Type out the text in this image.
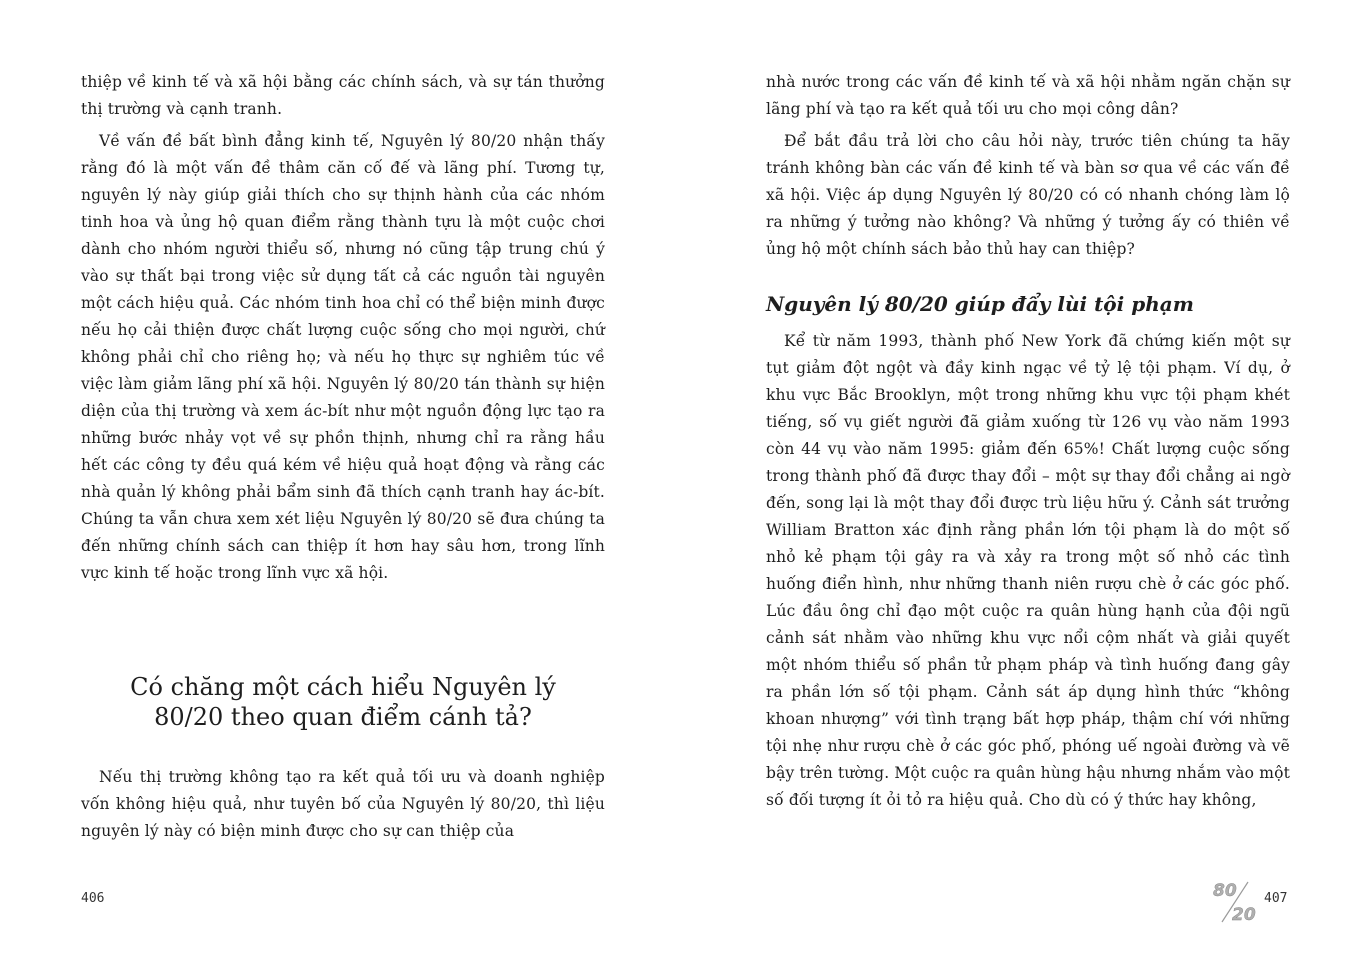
thiệp về kinh tế và xã hội bằng các chính sách, và sự tán thưởng thị trường và cạnh tranh.

Về vấn đề bất bình đẳng kinh tế, Nguyên lý 80/20 nhận thấy rằng đó là một vấn đề thâm căn cố đế và lãng phí. Tương tự, nguyên lý này giúp giải thích cho sự thịnh hành của các nhóm tinh hoa và ủng hộ quan điểm rằng thành tựu là một cuộc chơi dành cho nhóm người thiểu số, nhưng nó cũng tập trung chú ý vào sự thất bại trong việc sử dụng tất cả các nguồn tài nguyên một cách hiệu quả. Các nhóm tinh hoa chỉ có thể biện minh được nếu họ cải thiện được chất lượng cuộc sống cho mọi người, chứ không phải chỉ cho riêng họ; và nếu họ thực sự nghiêm túc về việc làm giảm lãng phí xã hội. Nguyên lý 80/20 tán thành sự hiện diện của thị trường và xem ác-bít như một nguồn động lực tạo ra những bước nhảy vọt về sự phồn thịnh, nhưng chỉ ra rằng hầu hết các công ty đều quá kém về hiệu quả hoạt động và rằng các nhà quản lý không phải bẩm sinh đã thích cạnh tranh hay ác-bít. Chúng ta vẫn chưa xem xét liệu Nguyên lý 80/20 sẽ đưa chúng ta đến những chính sách can thiệp ít hơn hay sâu hơn, trong lĩnh vực kinh tế hoặc trong lĩnh vực xã hội.

Có chăng một cách hiểu Nguyên lý
80/20 theo quan điểm cánh tả?

Nếu thị trường không tạo ra kết quả tối ưu và doanh nghiệp vốn không hiệu quả, như tuyên bố của Nguyên lý 80/20, thì liệu nguyên lý này có biện minh được cho sự can thiệp của

406

nhà nước trong các vấn đề kinh tế và xã hội nhằm ngăn chặn sự lãng phí và tạo ra kết quả tối ưu cho mọi công dân?

Để bắt đầu trả lời cho câu hỏi này, trước tiên chúng ta hãy tránh không bàn các vấn đề kinh tế và bàn sơ qua về các vấn đề xã hội. Việc áp dụng Nguyên lý 80/20 có có nhanh chóng làm lộ ra những ý tưởng nào không? Và những ý tưởng ấy có thiên về ủng hộ một chính sách bảo thủ hay can thiệp?

Nguyên lý 80/20 giúp đẩy lùi tội phạm

Kể từ năm 1993, thành phố New York đã chứng kiến một sự tụt giảm đột ngột và đầy kinh ngạc về tỷ lệ tội phạm. Ví dụ, ở khu vực Bắc Brooklyn, một trong những khu vực tội phạm khét tiếng, số vụ giết người đã giảm xuống từ 126 vụ vào năm 1993 còn 44 vụ vào năm 1995: giảm đến 65%! Chất lượng cuộc sống trong thành phố đã được thay đổi – một sự thay đổi chẳng ai ngờ đến, song lại là một thay đổi được trù liệu hữu ý. Cảnh sát trưởng William Bratton xác định rằng phần lớn tội phạm là do một số nhỏ kẻ phạm tội gây ra và xảy ra trong một số nhỏ các tình huống điển hình, như những thanh niên rượu chè ở các góc phố. Lúc đầu ông chỉ đạo một cuộc ra quân hùng hạnh của đội ngũ cảnh sát nhằm vào những khu vực nổi cộm nhất và giải quyết một nhóm thiểu số phần tử phạm pháp và tình huống đang gây ra phần lớn số tội phạm. Cảnh sát áp dụng hình thức “không khoan nhượng” với tình trạng bất hợp pháp, thậm chí với những tội nhẹ như rượu chè ở các góc phố, phóng uế ngoài đường và vẽ bậy trên tường. Một cuộc ra quân hùng hậu nhưng nhắm vào một số đối tượng ít ỏi tỏ ra hiệu quả. Cho dù có ý thức hay không,

407
80
20
